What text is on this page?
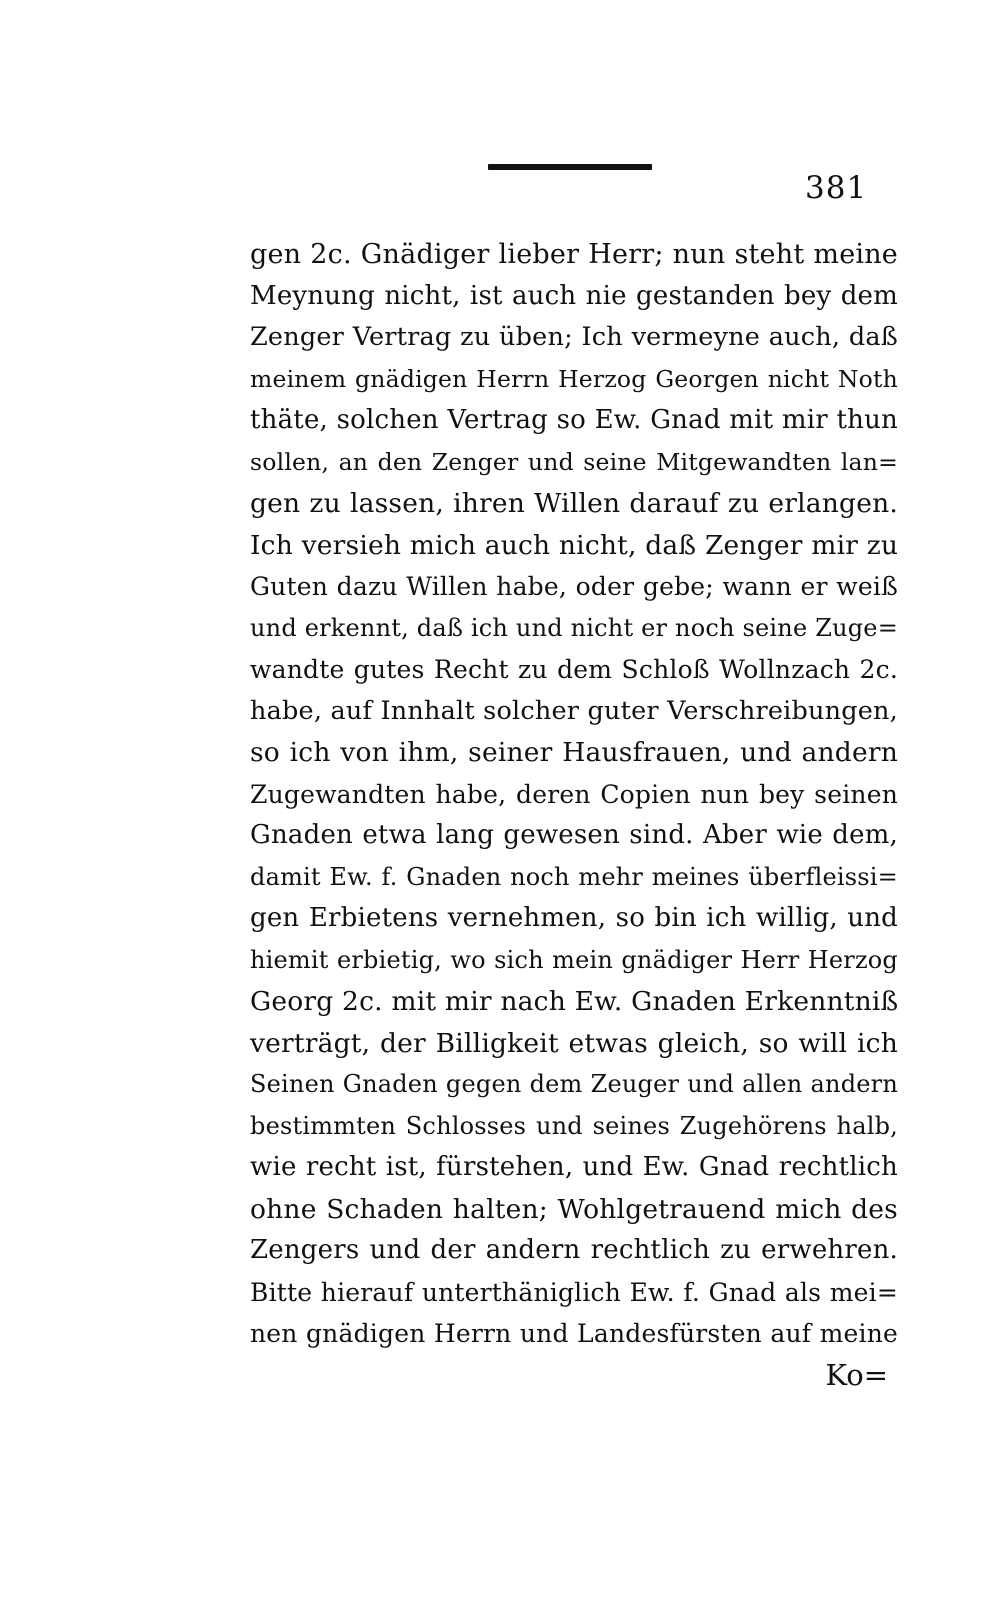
381
gen 2c. Gnädiger lieber Herr; nun steht meine
Meynung nicht, ist auch nie gestanden bey dem
Zenger Vertrag zu üben; Ich vermeyne auch, daß
meinem gnädigen Herrn Herzog Georgen nicht Noth
thäte, solchen Vertrag so Ew. Gnad mit mir thun
sollen, an den Zenger und seine Mitgewandten lan=
gen zu lassen, ihren Willen darauf zu erlangen.
Ich versieh mich auch nicht, daß Zenger mir zu
Guten dazu Willen habe, oder gebe; wann er weiß
und erkennt, daß ich und nicht er noch seine Zuge=
wandte gutes Recht zu dem Schloß Wollnzach 2c.
habe, auf Innhalt solcher guter Verschreibungen,
so ich von ihm, seiner Hausfrauen, und andern
Zugewandten habe, deren Copien nun bey seinen
Gnaden etwa lang gewesen sind. Aber wie dem,
damit Ew. f. Gnaden noch mehr meines überfleissi=
gen Erbietens vernehmen, so bin ich willig, und
hiemit erbietig, wo sich mein gnädiger Herr Herzog
Georg 2c. mit mir nach Ew. Gnaden Erkenntniß
verträgt, der Billigkeit etwas gleich, so will ich
Seinen Gnaden gegen dem Zeuger und allen andern
bestimmten Schlosses und seines Zugehörens halb,
wie recht ist, fürstehen, und Ew. Gnad rechtlich
ohne Schaden halten; Wohlgetrauend mich des
Zengers und der andern rechtlich zu erwehren.
Bitte hierauf unterthäniglich Ew. f. Gnad als mei=
nen gnädigen Herrn und Landesfürsten auf meine
Ko=
